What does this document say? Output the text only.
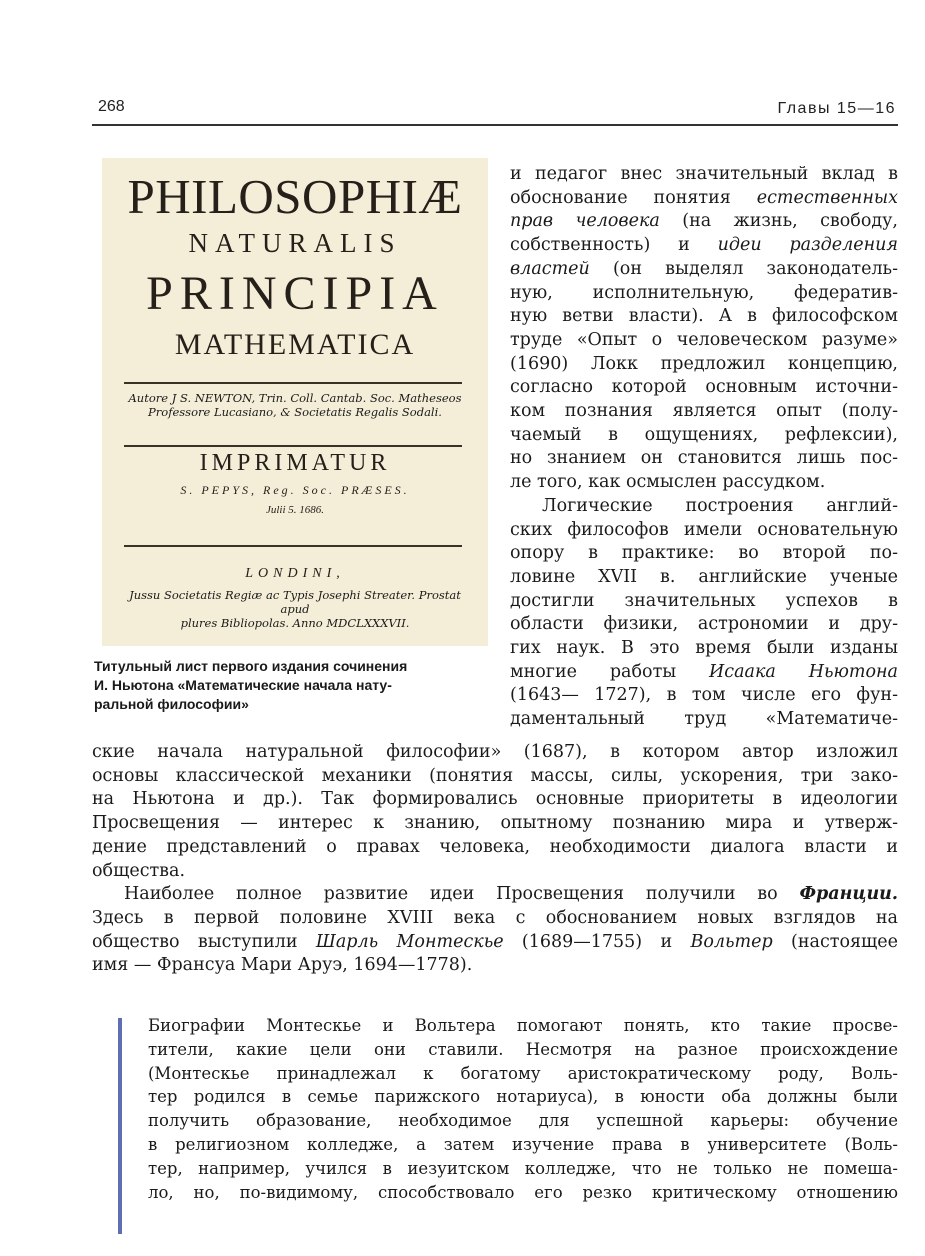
268	Главы 15—16
PHILOSOPHIÆ
NATURALIS
PRINCIPIA
MATHEMATICA
Autore J S. NEWTON, Trin. Coll. Cantab. Soc. Matheseos
Professore Lucasiano, & Societatis Regalis Sodali.
IMPRIMATUR
S. PEPYS, Reg. Soc. PRÆSES.
Julii 5. 1686.
LONDINI,
Jussu Societatis Regiæ ac Typis Josephi Streater. Prostat apud
plures Bibliopolas. Anno MDCLXXXVII.
Титульный лист первого издания сочинения
И. Ньютона «Математические начала нату-
ральной философии»
и педагог внес значительный вклад в
обоснование понятия естественных
прав человека (на жизнь, свободу,
собственность) и идеи разделения
властей (он выделял законодатель-
ную, исполнительную, федератив-
ную ветви власти). А в философском
труде «Опыт о человеческом разуме»
(1690) Локк предложил концепцию,
согласно которой основным источни-
ком познания является опыт (полу-
чаемый в ощущениях, рефлексии),
но знанием он становится лишь пос-
ле того, как осмыслен рассудком.
Логические построения англий-
ских философов имели основательную
опору в практике: во второй по-
ловине XVII в. английские ученые
достигли значительных успехов в
области физики, астрономии и дру-
гих наук. В это время были изданы
многие работы Исаака Ньютона
(1643— 1727), в том числе его фун-
даментальный труд «Математиче-
ские начала натуральной философии» (1687), в котором автор изложил
основы классической механики (понятия массы, силы, ускорения, три зако-
на Ньютона и др.). Так формировались основные приоритеты в идеологии
Просвещения — интерес к знанию, опытному познанию мира и утверж-
дение представлений о правах человека, необходимости диалога власти и
общества.
Наиболее полное развитие идеи Просвещения получили во Франции.
Здесь в первой половине XVIII века с обоснованием новых взглядов на
общество выступили Шарль Монтескье (1689—1755) и Вольтер (настоящее
имя — Франсуа Мари Аруэ, 1694—1778).
Биографии Монтескье и Вольтера помогают понять, кто такие просве-
тители, какие цели они ставили. Несмотря на разное происхождение
(Монтескье принадлежал к богатому аристократическому роду, Воль-
тер родился в семье парижского нотариуса), в юности оба должны были
получить образование, необходимое для успешной карьеры: обучение
в религиозном колледже, а затем изучение права в университете (Воль-
тер, например, учился в иезуитском колледже, что не только не помеша-
ло, но, по-видимому, способствовало его резко критическому отношению
